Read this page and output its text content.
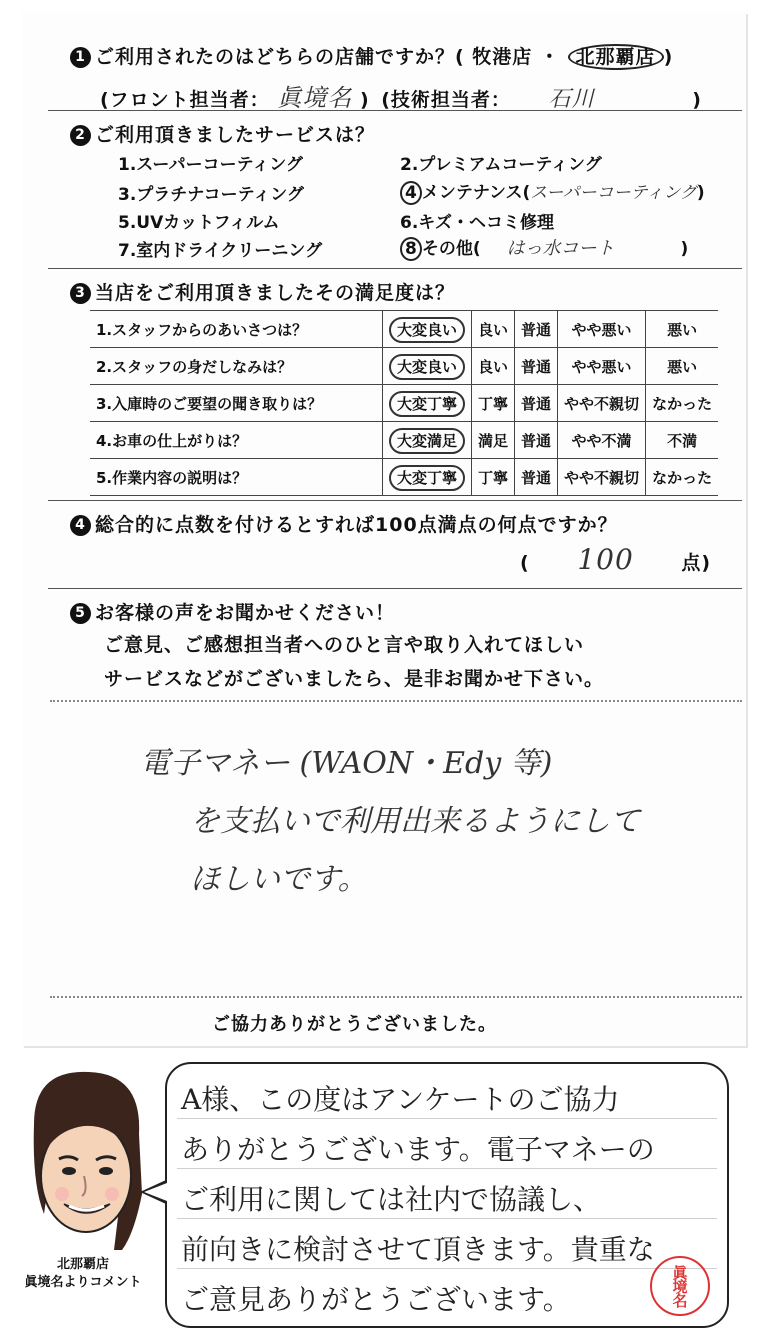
1 ご利用されたのはどちらの店舗ですか？( 牧港店 ・ 北那覇店 )
(フロント担当者： 眞境名 ) (技術担当者： 石川	)
2 ご利用頂きましたサービスは？
1.スーパーコーティング	2.プレミアムコーティング
3.プラチナコーティング	4 メンテナンス(スーパーコーティング)
5.UVカットフィルム	6.キズ・ヘコミ修理
7.室内ドライクリーニング	8 その他( はっ水コート	)
3 当店をご利用頂きましたその満足度は？
1.スタッフからのあいさつは？	大変良い	良い	普通	やや悪い	悪い
2.スタッフの身だしなみは？	大変良い	良い	普通	やや悪い	悪い
3.入庫時のご要望の聞き取りは？	大変丁寧	丁寧	普通	やや不親切	なかった
4.お車の仕上がりは？	大変満足	満足	普通	やや不満	不満
5.作業内容の説明は？	大変丁寧	丁寧	普通	やや不親切	なかった
4 総合的に点数を付けるとすれば100点満点の何点ですか？
( 100	点)
5 お客様の声をお聞かせください！
ご意見、ご感想担当者へのひと言や取り入れてほしい
サービスなどがございましたら、是非お聞かせ下さい。
電子マネー (WAON・Edy 等)
を支払いで利用出来るようにして
ほしいです。
ご協力ありがとうございました。
北那覇店
眞境名よりコメント
A様、この度はアンケートのご協力
ありがとうございます。電子マネーの
ご利用に関しては社内で協議し、
前向きに検討させて頂きます。貴重な
ご意見ありがとうございます。	眞境名
